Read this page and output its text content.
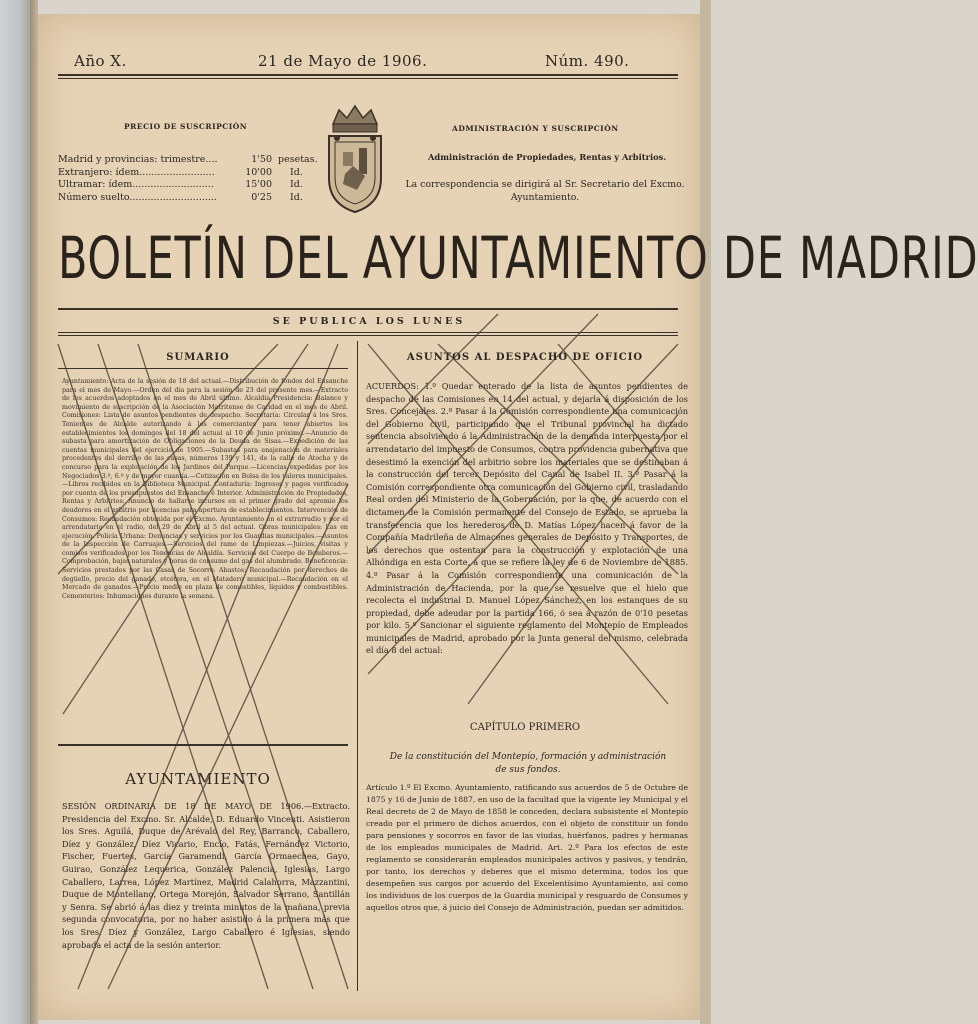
Año X.	21 de Mayo de 1906.	Núm. 490.
PRECIO DE SUSCRIPCIÓN
Madrid y provincias: trimestre....	1'50 pesetas.
Extranjero: ídem.........................	10'00 Id.
Ultramar: ídem...........................	15'00 Id.
Número suelto.............................	0'25 Id.
ADMINISTRACIÓN Y SUSCRIPCIÓN
Administración de Propiedades, Rentas y Arbitrios.
La correspondencia se dirigirá al Sr. Secretario del Excmo. Ayuntamiento.
BOLETÍN DEL AYUNTAMIENTO DE MADRID
SE PUBLICA LOS LUNES
SUMARIO
Ayuntamiento: Acta de la sesión de 18 del actual.—Distribución de fondos del Ensanche para el mes de Mayo.—Orden del día para la sesión de 23 del presente mes.—Extracto de los acuerdos adoptados en el mes de Abril último. Alcaldía Presidencia: Balance y movimiento de suscripción de la Asociación Matritense de Caridad en el mes de Abril. Comisiones: Lista de asuntos pendientes de despacho. Secretaría: Circular á los Sres. Tenientes de Alcalde autorizando á los comerciantes para tener abiertos los establecimientos los domingos del 18 del actual al 10 de Junio próximo.—Anuncio de subasta para amortización de Obligaciones de la Deuda de Sisas.—Expedición de las cuentas municipales del ejercicio de 1905.—Subastas para enajenación de materiales procedentes del derribo de las casas, números 139 y 141, de la calle de Atocha y de concurso para la explotación de los Jardines del Parque.—Licencias expedidas por los Negociados 3.º, 6.º y de mayor cuantía.—Cotización en Bolsa de los valores municipales.—Libros recibidos en la Biblioteca Municipal. Contaduría: Ingresos y pagos verificados por cuenta de los presupuestos del Ensanche é Interior. Administración de Propiedades, Rentas y Arbitrios: Anuncio de hallarse incursos en el primer grado del apremio los deudores en el arbitrio por licencias para apertura de establecimientos. Intervención de Consumos: Recaudación obtenida por el Excmo. Ayuntamiento en el extrarradio y por el arrendatario en el radio, del 29 de Abril al 5 del actual. Obras municipales: Las en ejecución. Policía Urbana: Denuncias y servicios por los Guardias municipales.—Asuntos de la Inspección de Carruajes.—Servicios del ramo de Limpiezas.—Juicios, visitas y comisos verificados por los Tenencias de Alcaldía. Servicios del Cuerpo de Bomberos.—Comprobación, bajas naturales y horas de consumo del gas del alumbrado. Beneficencia: Servicios prestados por las Casas de Socorro. Abastos: Recaudación por derechos de degüello, precio del ganado, etcétera, en el Matadero municipal.—Recaudación en el Mercado de ganados.—Precio medio en plaza de comestibles, líquidos y combustibles. Cementerios: Inhumaciones durante la semana.
AYUNTAMIENTO
SESIÓN ORDINARIA DE 18 DE MAYO DE 1906.—Extracto. Presidencia del Excmo. Sr. Alcalde, D. Eduardo Vincenti. Asistieron los Sres. Aguilá, Duque de Arévalo del Rey, Barranco, Caballero, Díez y González, Díez Vicario, Encío, Fatás, Fernández Victorio, Fischer, Fuertes, García Garamendi, García Ormaechea, Gayo, Guirao, González Lequerica, González Palencia, Iglesias, Largo Caballero, Larrea, López Martínez, Madrid Calahorra, Mazzantini, Duque de Montellano, Ortega Morejón, Salvador Serrano, Santillán y Senra. Se abrió á las diez y treinta minutos de la mañana, previa segunda convocatoria, por no haber asistido á la primera más que los Sres. Díez y González, Largo Caballero é Iglesias, siendo aprobada el acta de la sesión anterior.
ASUNTOS AL DESPACHO DE OFICIO
ACUERDOS: 1.º Quedar enterado de la lista de asuntos pendientes de despacho de las Comisiones en 14 del actual, y dejarla á disposición de los Sres. Concejales. 2.º Pasar á la Comisión correspondiente una comunicación del Gobierno civil, participando que el Tribunal provincial ha dictado sentencia absolviendo á la Administración de la demanda interpuesta por el arrendatario del impuesto de Consumos, contra providencia gubernativa que desestimó la exención del arbitrio sobre los materiales que se destinaban á la construcción del tercer Depósito del Canal de Isabel II. 3.º Pasar á la Comisión correspondiente otra comunicación del Gobierno civil, trasladando Real orden del Ministerio de la Gobernación, por la que, de acuerdo con el dictamen de la Comisión permanente del Consejo de Estado, se aprueba la transferencia que los herederos de D. Matías López hacen á favor de la Compañía Madrileña de Almacenes generales de Depósito y Transportes, de los derechos que ostentan para la construcción y explotación de una Alhóndiga en esta Corte, á que se refiere la ley de 6 de Noviembre de 1885. 4.º Pasar á la Comisión correspondiente una comunicación de la Administración de Hacienda, por la que se resuelve que el hielo que recolecta el industrial D. Manuel López Sánchez, en los estanques de su propiedad, debe adeudar por la partida 166, ó sea á razón de 0'10 pesetas por kilo. 5.º Sancionar el siguiente reglamento del Montepío de Empleados municipales de Madrid, aprobado por la Junta general del mismo, celebrada el día 8 del actual:
CAPÍTULO PRIMERO
De la constitución del Montepío, formación y administración de sus fondos.
Artículo 1.º El Excmo. Ayuntamiento, ratificando sus acuerdos de 5 de Octubre de 1875 y 16 de Junio de 1887, en uso de la facultad que la vigente ley Municipal y el Real decreto de 2 de Mayo de 1858 le conceden, declara subsistente el Montepío creado por el primero de dichos acuerdos, con el objeto de constituir un fondo para pensiones y socorros en favor de las viudas, huérfanos, padres y hermanas de los empleados municipales de Madrid. Art. 2.º Para los efectos de este reglamento se considerarán empleados municipales activos y pasivos, y tendrán, por tanto, los derechos y deberes que el mismo determina, todos los que desempeñen sus cargos por acuerdo del Excelentísimo Ayuntamiento, así como los individuos de los cuerpos de la Guardia municipal y resguardo de Consumos y aquellos otros que, á juicio del Consejo de Administración, puedan ser admitidos.
